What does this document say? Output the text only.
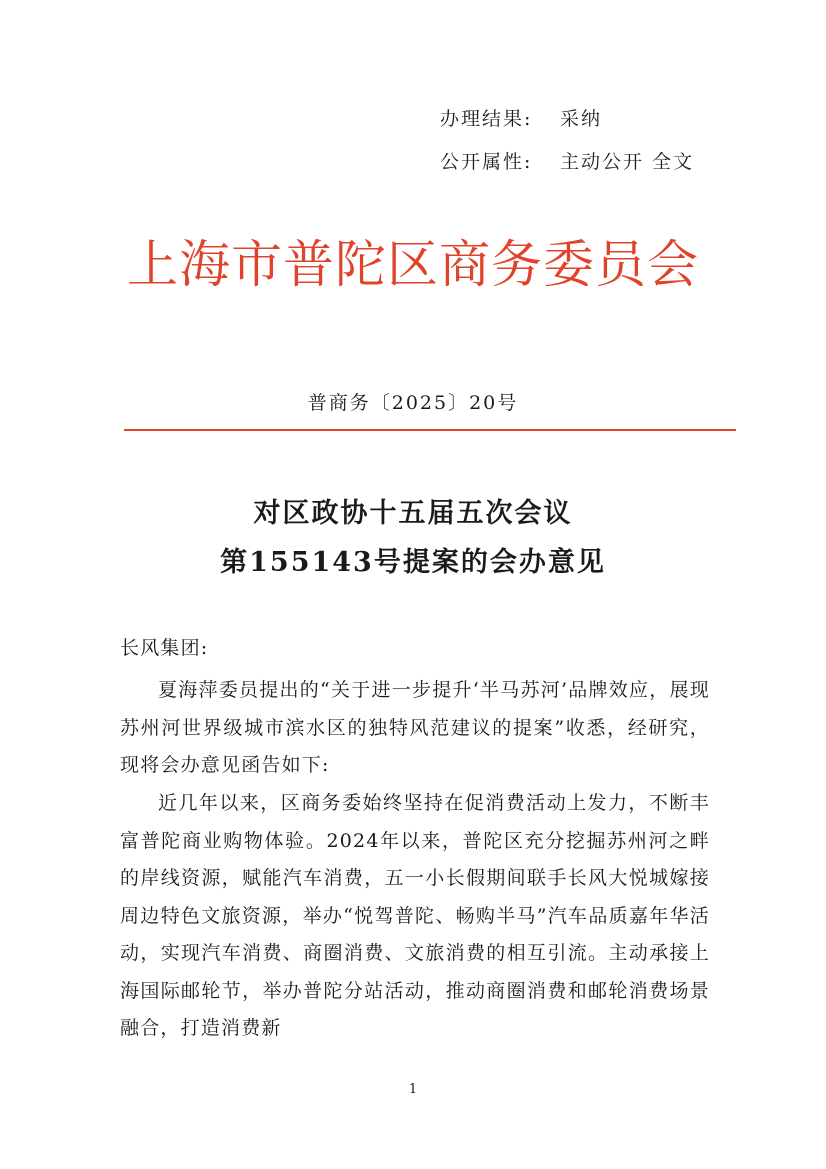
办理结果: 采纳
公开属性: 主动公开 全文
上海市普陀区商务委员会
普商务〔2025〕20号
对区政协十五届五次会议
第155143号提案的会办意见

长风集团:

夏海萍委员提出的“关于进一步提升‘半马苏河’品牌效应，展现苏州河世界级城市滨水区的独特风范建议的提案”收悉，经研究，现将会办意见函告如下:

近几年以来，区商务委始终坚持在促消费活动上发力，不断丰富普陀商业购物体验。2024年以来，普陀区充分挖掘苏州河之畔的岸线资源，赋能汽车消费，五一小长假期间联手长风大悦城嫁接周边特色文旅资源，举办“悦驾普陀、畅购半马”汽车品质嘉年华活动，实现汽车消费、商圈消费、文旅消费的相互引流。主动承接上海国际邮轮节，举办普陀分站活动，推动商圈消费和邮轮消费场景融合，打造消费新

1
